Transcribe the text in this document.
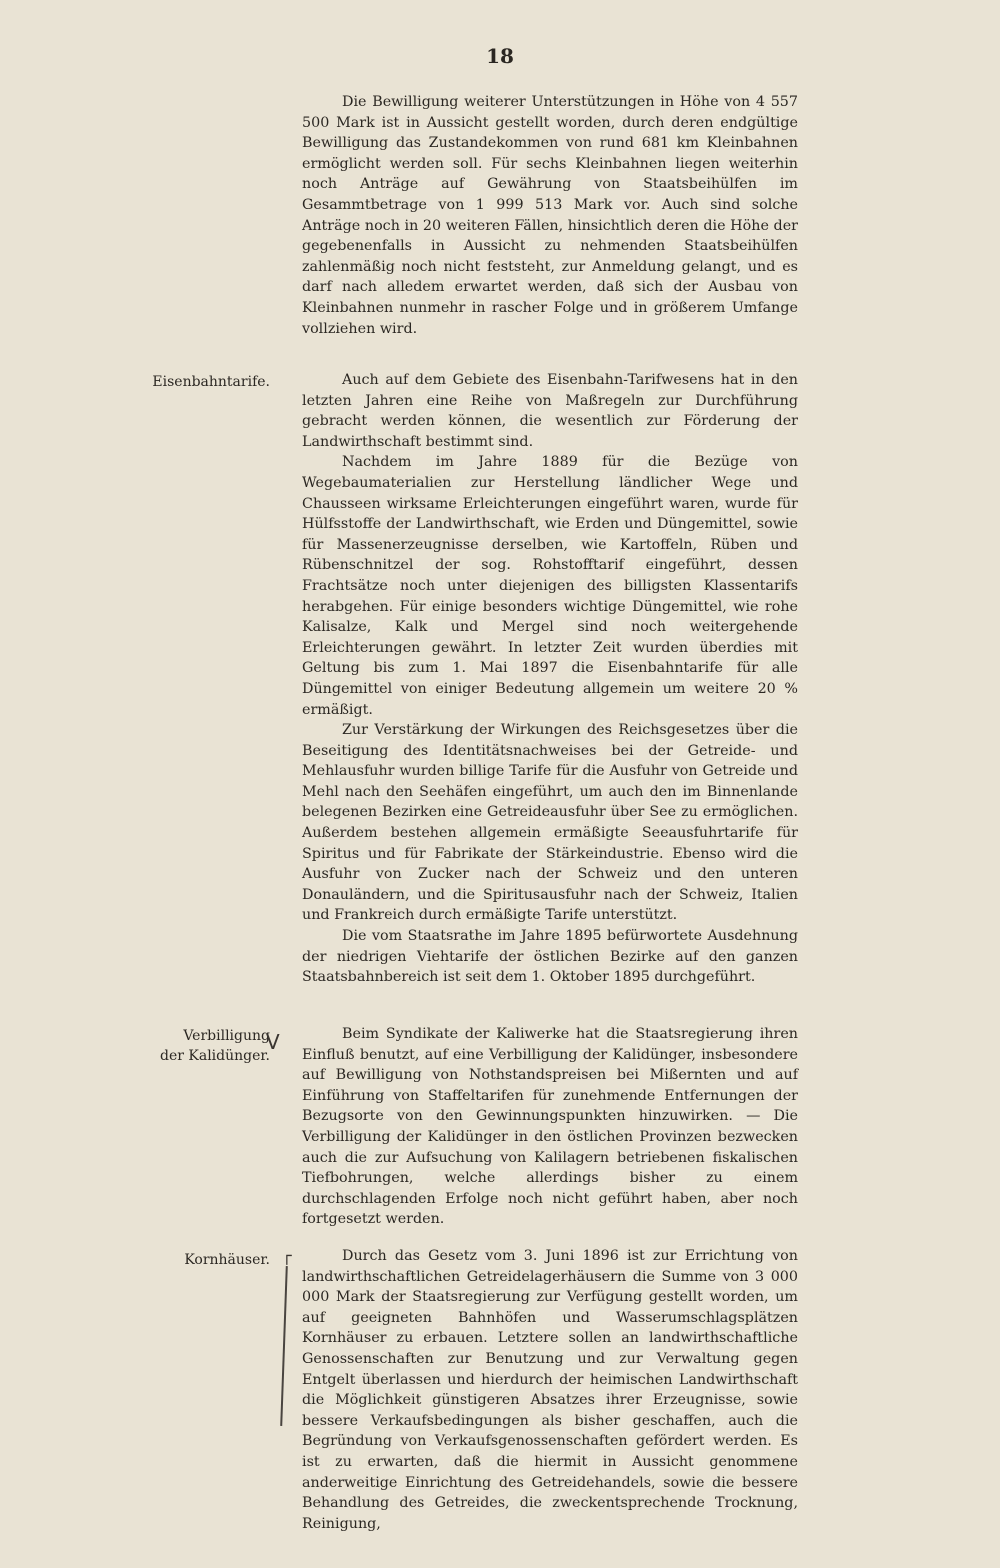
18

Die Bewilligung weiterer Unterstützungen in Höhe von 4 557 500 Mark ist in Aussicht gestellt worden, durch deren endgültige Bewilligung das Zustandekommen von rund 681 km Kleinbahnen ermöglicht werden soll. Für sechs Kleinbahnen liegen weiterhin noch Anträge auf Gewährung von Staatsbeihülfen im Gesammtbetrage von 1 999 513 Mark vor. Auch sind solche Anträge noch in 20 weiteren Fällen, hinsichtlich deren die Höhe der gegebenenfalls in Aussicht zu nehmenden Staatsbeihülfen zahlenmäßig noch nicht feststeht, zur Anmeldung gelangt, und es darf nach alledem erwartet werden, daß sich der Ausbau von Kleinbahnen nunmehr in rascher Folge und in größerem Umfange vollziehen wird.

Eisenbahntarife.	Auch auf dem Gebiete des Eisenbahn-Tarifwesens hat in den letzten Jahren eine Reihe von Maßregeln zur Durchführung gebracht werden können, die wesentlich zur Förderung der Landwirthschaft bestimmt sind.

Nachdem im Jahre 1889 für die Bezüge von Wegebaumaterialien zur Herstellung ländlicher Wege und Chausseen wirksame Erleichterungen eingeführt waren, wurde für Hülfsstoffe der Landwirthschaft, wie Erden und Düngemittel, sowie für Massenerzeugnisse derselben, wie Kartoffeln, Rüben und Rübenschnitzel der sog. Rohstofftarif eingeführt, dessen Frachtsätze noch unter diejenigen des billigsten Klassentarifs herabgehen. Für einige besonders wichtige Düngemittel, wie rohe Kalisalze, Kalk und Mergel sind noch weitergehende Erleichterungen gewährt. In letzter Zeit wurden überdies mit Geltung bis zum 1. Mai 1897 die Eisenbahntarife für alle Düngemittel von einiger Bedeutung allgemein um weitere 20 % ermäßigt.

Zur Verstärkung der Wirkungen des Reichsgesetzes über die Beseitigung des Identitätsnachweises bei der Getreide- und Mehlausfuhr wurden billige Tarife für die Ausfuhr von Getreide und Mehl nach den Seehäfen eingeführt, um auch den im Binnenlande belegenen Bezirken eine Getreideausfuhr über See zu ermöglichen. Außerdem bestehen allgemein ermäßigte Seeausfuhrtarife für Spiritus und für Fabrikate der Stärkeindustrie. Ebenso wird die Ausfuhr von Zucker nach der Schweiz und den unteren Donauländern, und die Spiritusausfuhr nach der Schweiz, Italien und Frankreich durch ermäßigte Tarife unterstützt.

Die vom Staatsrathe im Jahre 1895 befürwortete Ausdehnung der niedrigen Viehtarife der östlichen Bezirke auf den ganzen Staatsbahnbereich ist seit dem 1. Oktober 1895 durchgeführt.

Verbilligung
der Kalidünger.
V	Beim Syndikate der Kaliwerke hat die Staatsregierung ihren Einfluß benutzt, auf eine Verbilligung der Kalidünger, insbesondere auf Bewilligung von Nothstandspreisen bei Mißernten und auf Einführung von Staffeltarifen für zunehmende Entfernungen der Bezugsorte von den Gewinnungspunkten hinzuwirken. — Die Verbilligung der Kalidünger in den östlichen Provinzen bezwecken auch die zur Aufsuchung von Kalilagern betriebenen fiskalischen Tiefbohrungen, welche allerdings bisher zu einem durchschlagenden Erfolge noch nicht geführt haben, aber noch fortgesetzt werden.

Kornhäuser. ┌	Durch das Gesetz vom 3. Juni 1896 ist zur Errichtung von landwirthschaftlichen Getreidelagerhäusern die Summe von 3 000 000 Mark der Staatsregierung zur Verfügung gestellt worden, um auf geeigneten Bahnhöfen und Wasserumschlagsplätzen Kornhäuser zu erbauen. Letztere sollen an landwirthschaftliche Genossenschaften zur Benutzung und zur Verwaltung gegen Entgelt überlassen und hierdurch der heimischen Landwirthschaft die Möglichkeit günstigeren Absatzes ihrer Erzeugnisse, sowie bessere Verkaufsbedingungen als bisher geschaffen, auch die Begründung von Verkaufsgenossenschaften gefördert werden. Es ist zu erwarten, daß die hiermit in Aussicht genommene anderweitige Einrichtung des Getreidehandels, sowie die bessere Behandlung des Getreides, die zweckentsprechende Trocknung, Reinigung,
